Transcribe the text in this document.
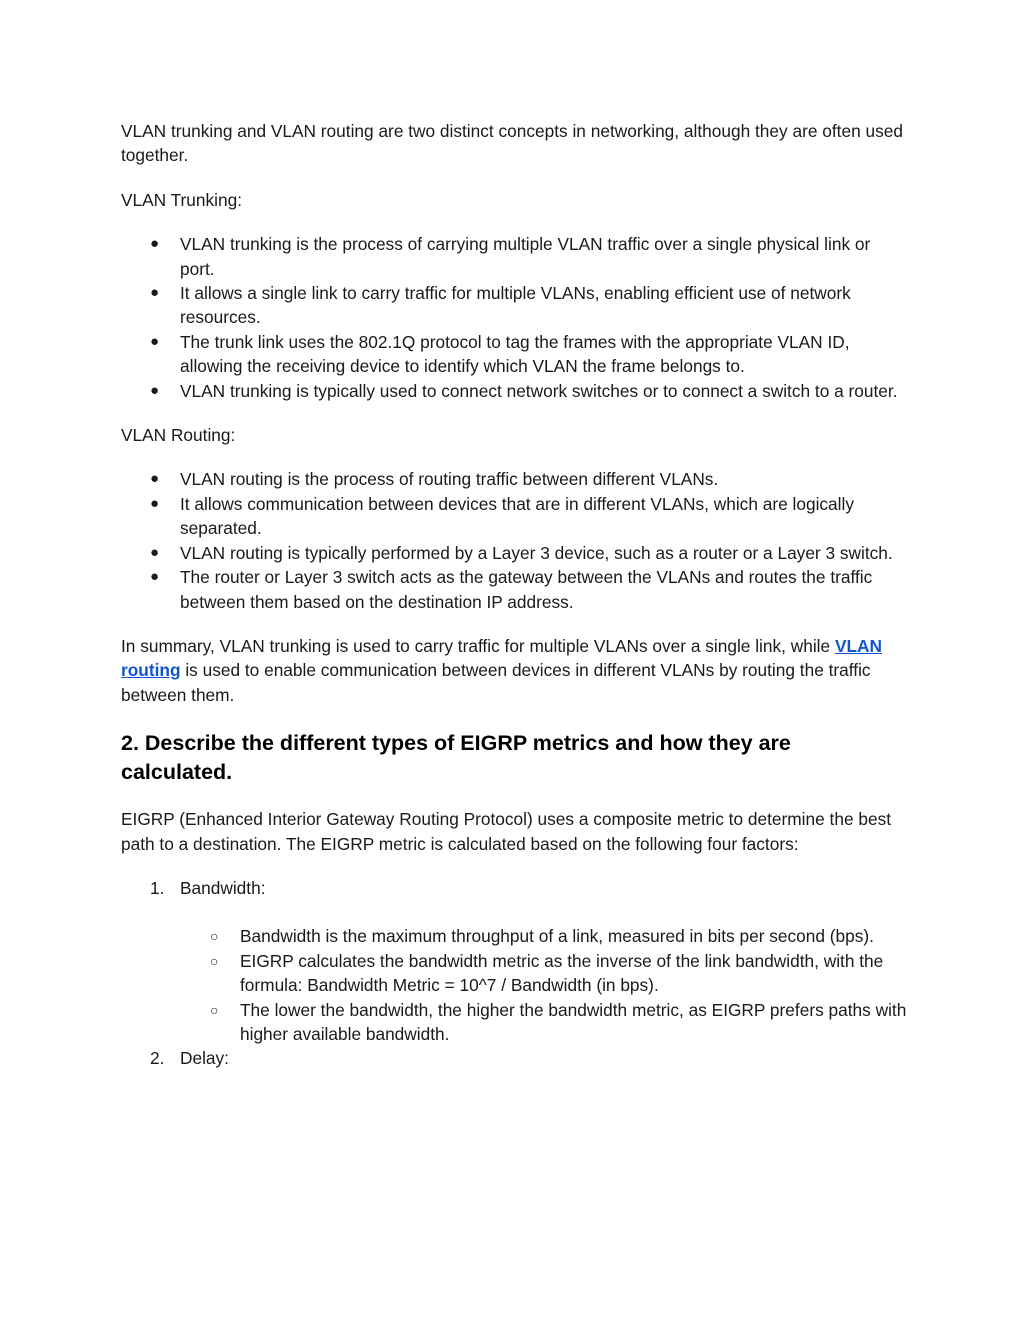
VLAN trunking and VLAN routing are two distinct concepts in networking, although they are often used together.

VLAN Trunking:

● VLAN trunking is the process of carrying multiple VLAN traffic over a single physical link or port.
● It allows a single link to carry traffic for multiple VLANs, enabling efficient use of network resources.
● The trunk link uses the 802.1Q protocol to tag the frames with the appropriate VLAN ID, allowing the receiving device to identify which VLAN the frame belongs to.
● VLAN trunking is typically used to connect network switches or to connect a switch to a router.

VLAN Routing:

● VLAN routing is the process of routing traffic between different VLANs.
● It allows communication between devices that are in different VLANs, which are logically separated.
● VLAN routing is typically performed by a Layer 3 device, such as a router or a Layer 3 switch.
● The router or Layer 3 switch acts as the gateway between the VLANs and routes the traffic between them based on the destination IP address.

In summary, VLAN trunking is used to carry traffic for multiple VLANs over a single link, while VLAN routing is used to enable communication between devices in different VLANs by routing the traffic between them.

2. Describe the different types of EIGRP metrics and how they are calculated.

EIGRP (Enhanced Interior Gateway Routing Protocol) uses a composite metric to determine the best path to a destination. The EIGRP metric is calculated based on the following four factors:

1. Bandwidth:
○ Bandwidth is the maximum throughput of a link, measured in bits per second (bps).
○ EIGRP calculates the bandwidth metric as the inverse of the link bandwidth, with the formula: Bandwidth Metric = 10^7 / Bandwidth (in bps).
○ The lower the bandwidth, the higher the bandwidth metric, as EIGRP prefers paths with higher available bandwidth.
2. Delay:
